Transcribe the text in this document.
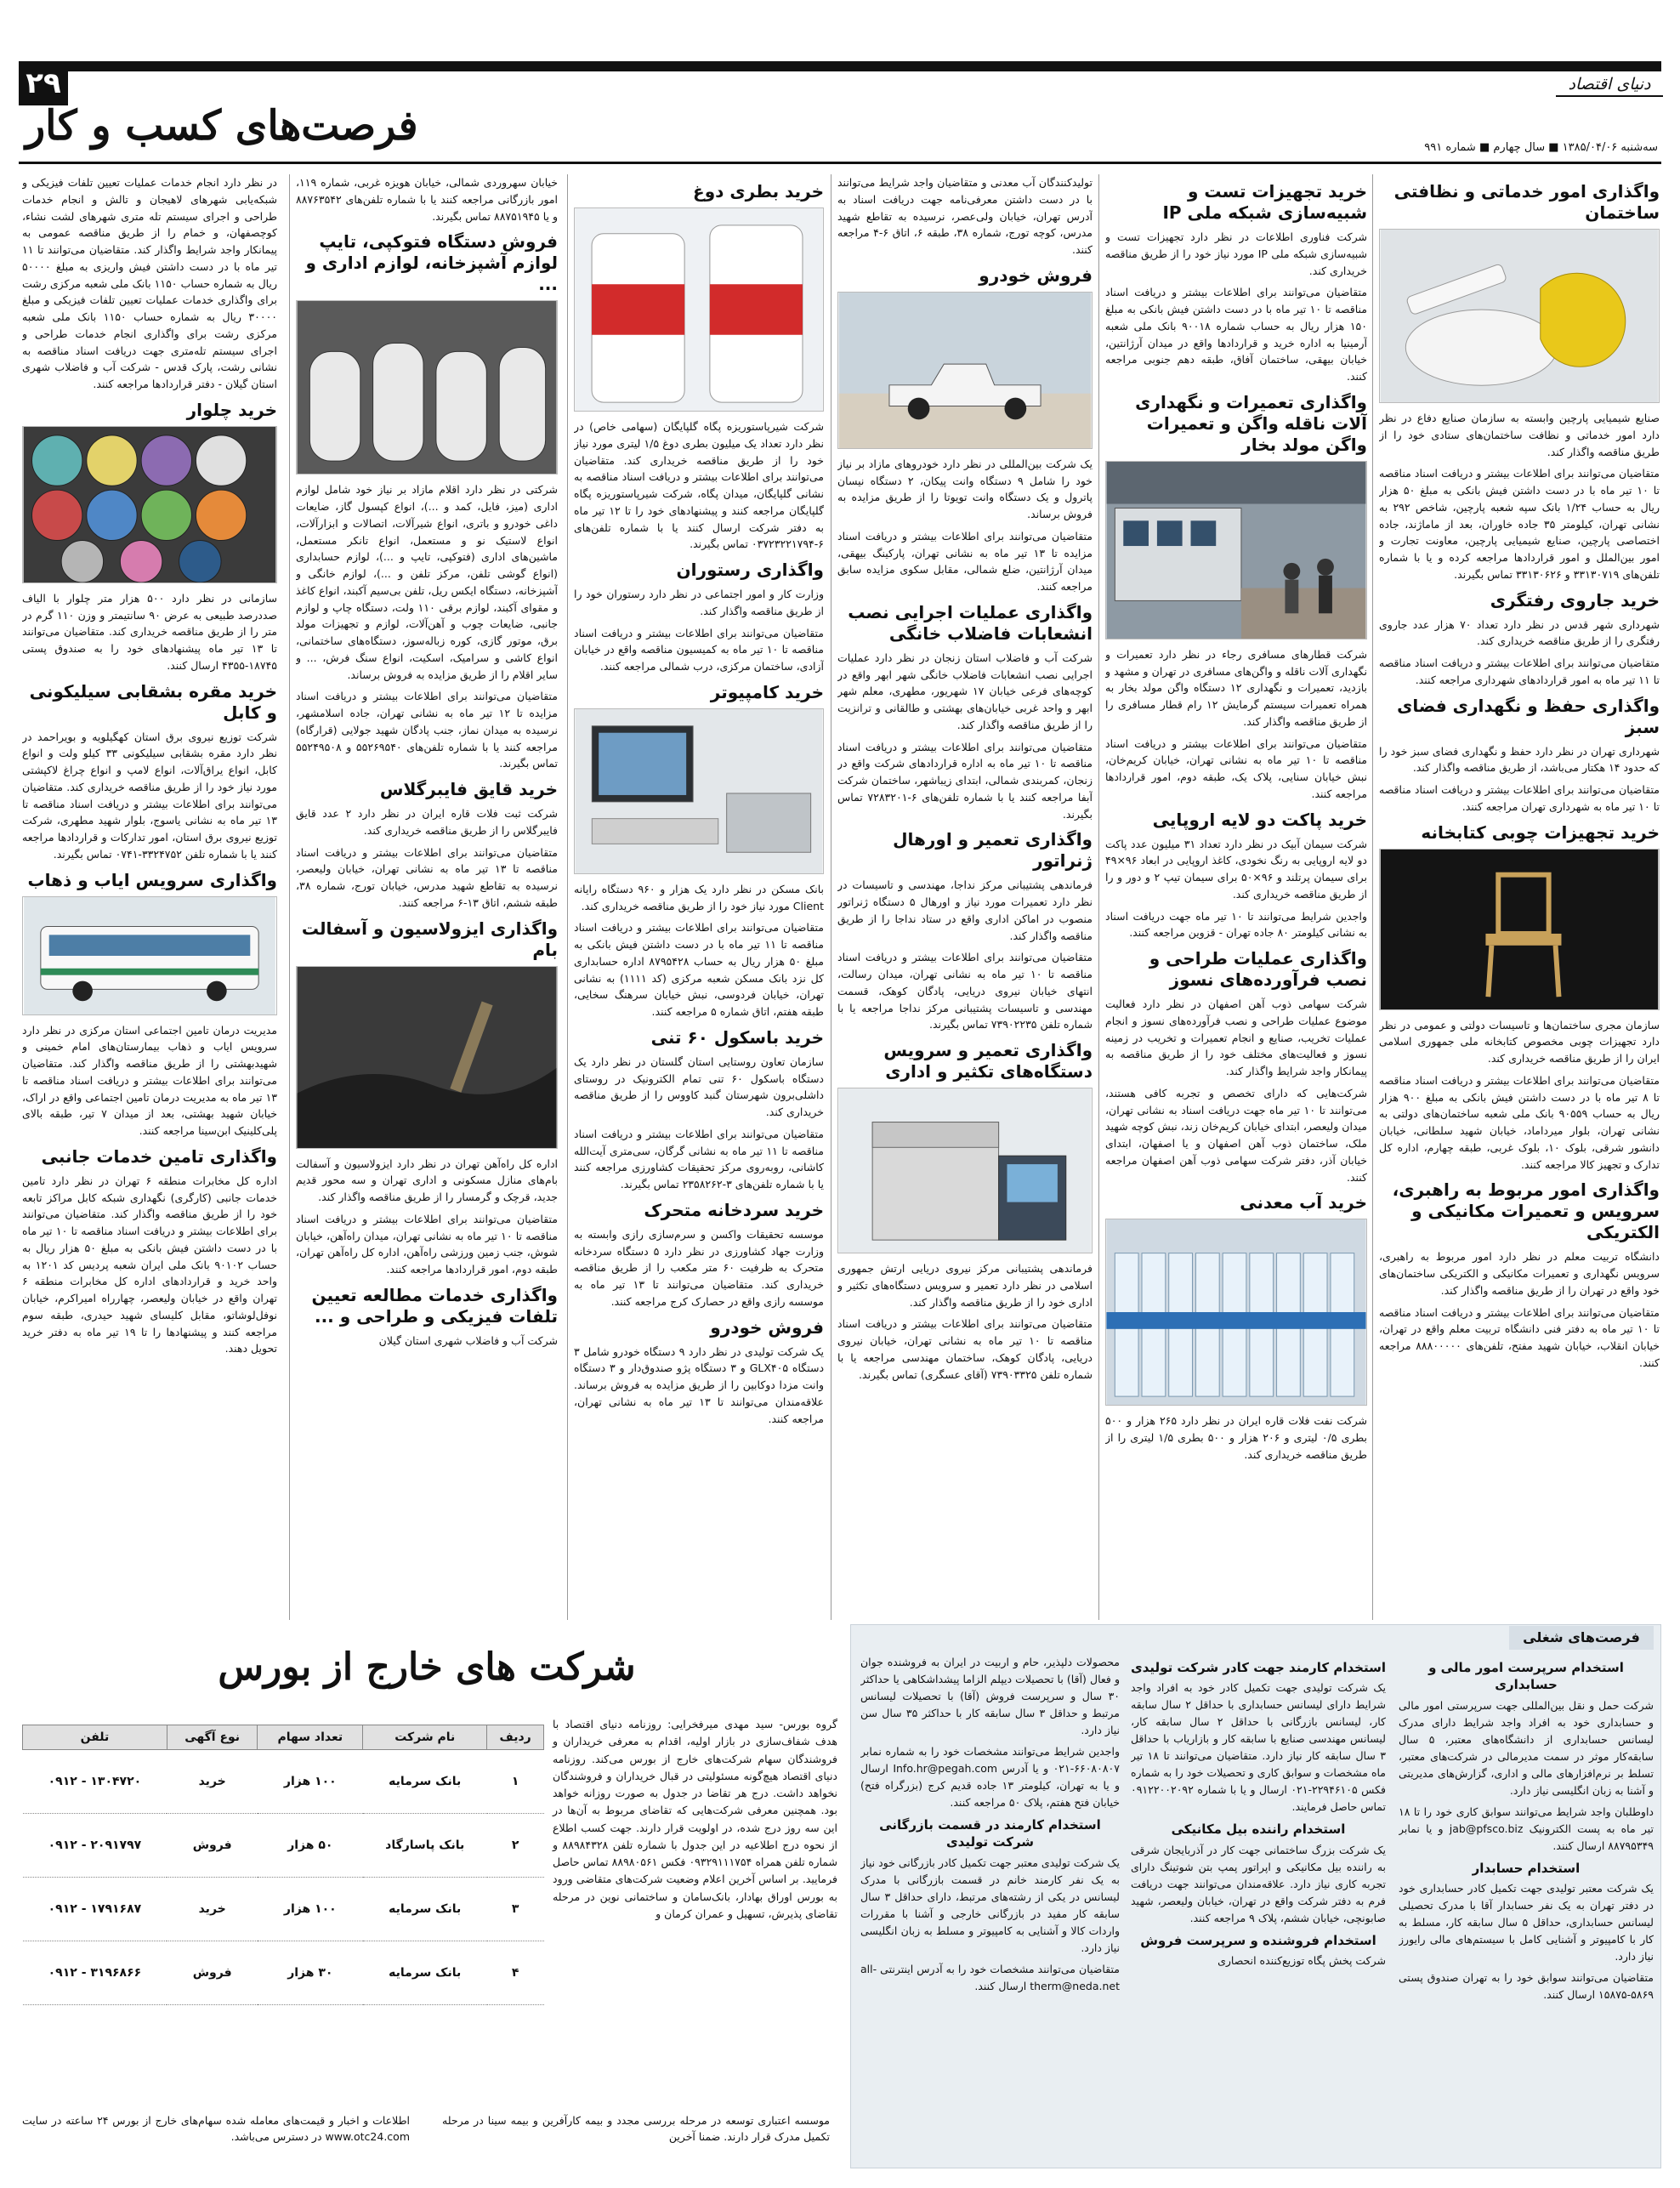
۲۹	دنیای اقتصاد
فرصت‌های کسب و کار	سه‌شنبه ۱۳۸۵/۰۴/۰۶ ■ سال چهارم ■ شماره ۹۹۱
واگذاری امور خدماتی و نظافتی ساختمان

صنایع شیمیایی پارچین وابسته به سازمان صنایع دفاع در نظر دارد امور خدماتی و نظافت ساختمان‌های ستادی خود را از طریق مناقصه واگذار کند.

متقاضیان می‌توانند برای اطلاعات بیشتر و دریافت اسناد مناقصه تا ۱۰ تیر ماه با در دست داشتن فیش بانکی به مبلغ ۵۰ هزار ریال به حساب ۱/۲۴ بانک سپه شعبه پارچین، شاخص ۲۹۲ به نشانی تهران، کیلومتر ۳۵ جاده خاوران، بعد از ماماژند، جاده اختصاصی پارچین، صنایع شیمیایی پارچین، معاونت تجارت و امور بین‌الملل و امور قراردادها مراجعه کرده و یا با شماره تلفن‌های ۳۳۱۳۰۷۱۹ و ۳۳۱۳۰۶۲۶ تماس بگیرند.

خرید جاروی رفتگری

شهرداری شهر قدس در نظر دارد تعداد ۷۰ هزار عدد جاروی رفتگری را از طریق مناقصه خریداری کند.

متقاضیان می‌توانند برای اطلاعات بیشتر و دریافت اسناد مناقصه تا ۱۱ تیر ماه به امور قراردادهای شهرداری مراجعه کنند.

واگذاری حفظ و نگهداری فضای سبز

شهرداری تهران در نظر دارد حفظ و نگهداری فضای سبز خود را که حدود ۱۴ هکتار می‌باشد، از طریق مناقصه واگذار کند.

متقاضیان می‌توانند برای اطلاعات بیشتر و دریافت اسناد مناقصه تا ۱۰ تیر ماه به شهرداری تهران مراجعه کنند.

خرید تجهیزات چوبی کتابخانه

سازمان مجری ساختمان‌ها و تاسیسات دولتی و عمومی در نظر دارد تجهیزات چوبی مخصوص کتابخانه ملی جمهوری اسلامی ایران را از طریق مناقصه خریداری کند.

متقاضیان می‌توانند برای اطلاعات بیشتر و دریافت اسناد مناقصه تا ۸ تیر ماه با در دست داشتن فیش بانکی به مبلغ ۹۰۰ هزار ریال به حساب ۹۰۵۵۹ بانک ملی شعبه ساختمان‌های دولتی به نشانی تهران، بلوار میرداماد، خیابان شهید سلطانی، خیابان دانشور شرقی، بلوک ۱۰، بلوک غربی، طبقه چهارم، اداره کل تدارک و تجهیز کالا مراجعه کنند.

واگذاری امور مربوط به راهبری، سرویس و تعمیرات مکانیکی و الکتریکی

دانشگاه تربیت معلم در نظر دارد امور مربوط به راهبری، سرویس نگهداری و تعمیرات مکانیکی و الکتریکی ساختمان‌های خود واقع در تهران را از طریق مناقصه واگذار کند.

متقاضیان می‌توانند برای اطلاعات بیشتر و دریافت اسناد مناقصه تا ۱۰ تیر ماه به دفتر فنی دانشگاه تربیت معلم واقع در تهران، خیابان انقلاب، خیابان شهید مفتح، تلفن‌های ۸۸۸۰۰۰۰۰ مراجعه کنند.

خرید تجهیزات تست و شبیه‌سازی شبکه ملی IP

شرکت فناوری اطلاعات در نظر دارد تجهیزات تست و شبیه‌سازی شبکه ملی IP مورد نیاز خود را از طریق مناقصه خریداری کند.

متقاضیان می‌توانند برای اطلاعات بیشتر و دریافت اسناد مناقصه تا ۱۰ تیر ماه با در دست داشتن فیش بانکی به مبلغ ۱۵۰ هزار ریال به حساب شماره ۹۰۰۱۸ بانک ملی شعبه آرمینیا به اداره خرید و قراردادها واقع در میدان آرژانتین، خیابان بیهقی، ساختمان آفاق، طبقه دهم جنوبی مراجعه کنند.

واگذاری تعمیرات و نگهداری آلات ناقله واگن و تعمیرات واگن مولد بخار

شرکت قطارهای مسافری رجاء در نظر دارد تعمیرات و نگهداری آلات ناقله و واگن‌های مسافری در تهران و مشهد و بازدید، تعمیرات و نگهداری ۱۲ دستگاه واگن مولد بخار به همراه تعمیرات سیستم گرمایش ۱۲ رام قطار مسافری را از طریق مناقصه واگذار کند.

متقاضیان می‌توانند برای اطلاعات بیشتر و دریافت اسناد مناقصه تا ۱۰ تیر ماه به نشانی تهران، خیابان کریم‌خان، نبش خیابان سنایی، پلاک یک، طبقه دوم، امور قراردادها مراجعه کنند.

خرید پاکت دو لایه اروپایی

شرکت سیمان آبیک در نظر دارد تعداد ۳۱ میلیون عدد پاکت دو لایه اروپایی به رنگ نخودی، کاغذ اروپایی در ابعاد ۹۶×۴۹ برای سیمان پرتلند و ۹۶×۵۰ برای سیمان تیپ ۲ و دور و را از طریق مناقصه خریداری کند.

واجدین شرایط می‌توانند تا ۱۰ تیر ماه جهت دریافت اسناد به نشانی کیلومتر ۸۰ جاده تهران - قزوین مراجعه کنند.

واگذاری عملیات طراحی و نصب فرآورده‌های نسوز

شرکت سهامی ذوب آهن اصفهان در نظر دارد فعالیت موضوع عملیات طراحی و نصب فرآورده‌های نسوز و انجام عملیات تخریب، صنایع و انجام تعمیرات و تخریب در زمینه نسوز و فعالیت‌های مختلف خود را از طریق مناقصه به پیمانکار واجد شرایط واگذار کند.

شرکت‌هایی که دارای تخصص و تجربه کافی هستند، می‌توانند تا ۱۰ تیر ماه جهت دریافت اسناد به نشانی تهران، میدان ولیعصر، ابتدای خیابان کریم‌خان زند، نبش کوچه شهید ملک، ساختمان ذوب آهن اصفهان و یا اصفهان، ابتدای خیابان آذر، دفتر شرکت سهامی ذوب آهن اصفهان مراجعه کنند.

خرید آب معدنی

شرکت نفت فلات قاره ایران در نظر دارد ۲۶۵ هزار و ۵۰۰ بطری ۰/۵ لیتری و ۲۰۶ هزار و ۵۰۰ بطری ۱/۵ لیتری را از طریق مناقصه خریداری کند.

تولیدکنندگان آب معدنی و متقاضیان واجد شرایط می‌توانند با در دست داشتن معرفی‌نامه جهت دریافت اسناد به آدرس تهران، خیابان ولی‌عصر، نرسیده به تقاطع شهید مدرس، کوچه تورج، شماره ۳۸، طبقه ۶، اتاق ۶-۴ مراجعه کنند.

فروش خودرو

یک شرکت بین‌المللی در نظر دارد خودروهای مازاد بر نیاز خود را شامل ۹ دستگاه وانت پیکان، ۲ دستگاه نیسان پاترول و یک دستگاه وانت تویوتا را از طریق مزایده به فروش برساند.

متقاضیان می‌توانند برای اطلاعات بیشتر و دریافت اسناد مزایده تا ۱۳ تیر ماه به نشانی تهران، پارکینگ بیهقی، میدان آرژانتین، ضلع شمالی، مقابل سکوی مزایده سابق مراجعه کنند.

واگذاری عملیات اجرایی نصب انشعابات فاضلاب خانگی

شرکت آب و فاضلاب استان زنجان در نظر دارد عملیات اجرایی نصب انشعابات فاضلاب خانگی شهر ابهر واقع در کوچه‌های فرعی خیابان ۱۷ شهریور، مطهری، معلم شهر ابهر و واحد غربی خیابان‌های بهشتی و طالقانی و ترانزیت را از طریق مناقصه واگذار کند.

متقاضیان می‌توانند برای اطلاعات بیشتر و دریافت اسناد مناقصه تا ۱۰ تیر ماه به اداره قراردادهای شرکت واقع در زنجان، کمربندی شمالی، ابتدای زیباشهر، ساختمان شرکت آبفا مراجعه کنند یا با شماره تلفن‌های ۶-۷۲۸۳۲۰۱ تماس بگیرند.

واگذاری تعمیر و اورهال ژنراتور

فرماندهی پشتیبانی مرکز نداجا، مهندسی و تاسیسات در نظر دارد تعمیرات مورد نیاز و اورهال ۵ دستگاه ژنراتور منصوب در اماکن اداری واقع در ستاد نداجا را از طریق مناقصه واگذار کند.

متقاضیان می‌توانند برای اطلاعات بیشتر و دریافت اسناد مناقصه تا ۱۰ تیر ماه به نشانی تهران، میدان رسالت، انتهای خیابان نیروی دریایی، پادگان کوهک، قسمت مهندسی و تاسیسات پشتیبانی مرکز نداجا مراجعه یا با شماره تلفن ۷۳۹۰۲۲۳۵ تماس بگیرند.

واگذاری تعمیر و سرویس دستگاه‌های تکثیر و اداری

فرماندهی پشتیبانی مرکز نیروی دریایی ارتش جمهوری اسلامی در نظر دارد تعمیر و سرویس دستگاه‌های تکثیر و اداری خود را از طریق مناقصه واگذار کند.

متقاضیان می‌توانند برای اطلاعات بیشتر و دریافت اسناد مناقصه تا ۱۰ تیر ماه به نشانی تهران، خیابان نیروی دریایی، پادگان کوهک، ساختمان مهندسی مراجعه یا با شماره تلفن ۷۳۹۰۳۳۲۵ (آقای عسگری) تماس بگیرند.

خرید بطری دوغ

شرکت شیرپاستوریزه پگاه گلپایگان (سهامی خاص) در نظر دارد تعداد یک میلیون بطری دوغ ۱/۵ لیتری مورد نیاز خود را از طریق مناقصه خریداری کند. متقاضیان می‌توانند برای اطلاعات بیشتر و دریافت اسناد مناقصه به نشانی گلپایگان، میدان پگاه، شرکت شیرپاستوریزه پگاه گلپایگان مراجعه کنند و پیشنهادهای خود را تا ۱۲ تیر ماه به دفتر شرکت ارسال کنند یا با شماره تلفن‌های ۶-۰۳۷۲۳۲۲۱۷۹۴ تماس بگیرند.

واگذاری رستوران

وزارت کار و امور اجتماعی در نظر دارد رستوران خود را از طریق مناقصه واگذار کند.

متقاضیان می‌توانند برای اطلاعات بیشتر و دریافت اسناد مناقصه تا ۱۰ تیر ماه به کمیسیون مناقصه واقع در خیابان آزادی، ساختمان مرکزی، درب شمالی مراجعه کنند.

خرید کامپیوتر

بانک مسکن در نظر دارد یک هزار و ۹۶۰ دستگاه رایانه Client مورد نیاز خود را از طریق مناقصه خریداری کند.

متقاضیان می‌توانند برای اطلاعات بیشتر و دریافت اسناد مناقصه تا ۱۱ تیر ماه با در دست داشتن فیش بانکی به مبلغ ۵۰ هزار ریال به حساب ۸۷۹۵۴۲۸ اداره حسابداری کل نزد بانک مسکن شعبه مرکزی (کد ۱۱۱۱) به نشانی تهران، خیابان فردوسی، نبش خیابان سرهنگ سخایی، طبقه هفتم، اتاق شماره ۵ مراجعه کنند.

خرید باسکول ۶۰ تنی

سازمان تعاون روستایی استان گلستان در نظر دارد یک دستگاه باسکول ۶۰ تنی تمام الکترونیک در روستای داشلی‌برون شهرستان گنبد کاووس را از طریق مناقصه خریداری کند.

متقاضیان می‌توانند برای اطلاعات بیشتر و دریافت اسناد مناقصه تا ۱۱ تیر ماه به نشانی گرگان، سی‌متری آیت‌الله کاشانی، روبه‌روی مرکز تحقیقات کشاورزی مراجعه کنند یا با شماره تلفن‌های ۳-۲۳۵۸۲۶۲ تماس بگیرند.

خرید سردخانه متحرک

موسسه تحقیقات واکسن و سرم‌سازی رازی وابسته به وزارت جهاد کشاورزی در نظر دارد ۵ دستگاه سردخانه متحرک به ظرفیت ۶۰ متر مکعب را از طریق مناقصه خریداری کند. متقاضیان می‌توانند تا ۱۳ تیر ماه به موسسه رازی واقع در حصارک کرج مراجعه کنند.

فروش خودرو

یک شرکت تولیدی در نظر دارد ۹ دستگاه خودرو شامل ۳ دستگاه GLX۴۰۵ و ۳ دستگاه پژو صندوق‌دار و ۳ دستگاه وانت مزدا دوکابین را از طریق مزایده به فروش برساند. علاقه‌مندان می‌توانند تا ۱۳ تیر ماه به نشانی تهران، مراجعه کنند.

خیابان سهروردی شمالی، خیابان هویزه غربی، شماره ۱۱۹، امور بازرگانی مراجعه کنند یا با شماره تلفن‌های ۸۸۷۶۳۵۴۲ و یا ۸۸۷۵۱۹۴۵ تماس بگیرند.

فروش دستگاه فتوکپی، تایپ لوازم آشپزخانه، لوازم اداری و ...

شرکتی در نظر دارد اقلام مازاد بر نیاز خود شامل لوازم اداری (میز، فایل، کمد و ...)، انواع کپسول گاز، ضایعات داغی خودرو و باتری، انواع شیرآلات، اتصالات و ابزارآلات، انواع لاستیک نو و مستعمل، انواع تانکر مستعمل، ماشین‌های اداری (فتوکپی، تایپ و ...)، لوازم حسابداری (انواع گوشی تلفن، مرکز تلفن و ...)، لوازم خانگی و آشپزخانه، دستگاه ایکس ریل، تلفن بی‌سیم آکبند، انواع کاغذ و مقوای آکبند، لوازم برقی ۱۱۰ ولت، دستگاه چاپ و لوازم جانبی، ضایعات چوب و آهن‌آلات، لوازم و تجهیزات مولد برق، موتور گازی، کوره زباله‌سوز، دستگاه‌های ساختمانی، انواع کاشی و سرامیک، اسکیت، انواع سنگ فرش، ... و سایر اقلام را از طریق مزایده به فروش برساند.

متقاضیان می‌توانند برای اطلاعات بیشتر و دریافت اسناد مزایده تا ۱۲ تیر ماه به نشانی تهران، جاده اسلامشهر، نرسیده به میدان نماز، جنب پادگان شهید جولایی (قرارگاه) مراجعه کنند یا با شماره تلفن‌های ۵۵۲۶۹۵۴۰ و ۵۵۲۴۹۵۰۸ تماس بگیرند.

خرید قایق فایبرگلاس

شرکت ثبت فلات قاره ایران در نظر دارد ۲ عدد قایق فایبرگلاس را از طریق مناقصه خریداری کند.

متقاضیان می‌توانند برای اطلاعات بیشتر و دریافت اسناد مناقصه تا ۱۳ تیر ماه به نشانی تهران، خیابان ولیعصر، نرسیده به تقاطع شهید مدرس، خیابان تورج، شماره ۳۸، طبقه ششم، اتاق ۱۳-۶ مراجعه کنند.

واگذاری ایزولاسیون و آسفالت بام

اداره کل راه‌آهن تهران در نظر دارد ایزولاسیون و آسفالت بام‌های منازل مسکونی و اداری تهران و سه محور قدیم جدید، قرچک و گرمسار را از طریق مناقصه واگذار کند.

متقاضیان می‌توانند برای اطلاعات بیشتر و دریافت اسناد مناقصه تا ۱۰ تیر ماه به نشانی تهران، میدان راه‌آهن، خیابان شوش، جنب زمین ورزشی راه‌آهن، اداره کل راه‌آهن تهران، طبقه دوم، امور قراردادها مراجعه کنند.

واگذاری خدمات مطالعه تعیین تلفات فیزیکی و طراحی و ...

شرکت آب و فاضلاب شهری استان گیلان

در نظر دارد انجام خدمات عملیات تعیین تلفات فیزیکی و شبکه‌یابی شهرهای لاهیجان و تالش و انجام خدمات طراحی و اجرای سیستم تله متری شهرهای لشت نشاء، کوچصفهان، و خمام را از طریق مناقصه عمومی به پیمانکار واجد شرایط واگذار کند. متقاضیان می‌توانند تا ۱۱ تیر ماه با در دست داشتن فیش واریزی به مبلغ ۵۰۰۰۰ ریال به شماره حساب ۱۱۵۰ بانک ملی شعبه مرکزی رشت برای واگذاری خدمات عملیات تعیین تلفات فیزیکی و مبلغ ۳۰۰۰۰ ریال به شماره حساب ۱۱۵۰ بانک ملی شعبه مرکزی رشت برای واگذاری انجام خدمات طراحی و اجرای سیستم تله‌متری جهت دریافت اسناد مناقصه به نشانی رشت، پارک قدس - شرکت آب و فاضلاب شهری استان گیلان - دفتر قراردادها مراجعه کنند.

خرید چلوار

سازمانی در نظر دارد ۵۰۰ هزار متر چلوار با الیاف صددرصد طبیعی به عرض ۹۰ سانتیمتر و وزن ۱۱۰ گرم در متر را از طریق مناقصه خریداری کند. متقاضیان می‌توانند تا ۱۳ تیر ماه پیشنهادهای خود را به صندوق پستی ۱۸۷۴۵-۴۳۵۵ ارسال کنند.

خرید مقره بشقابی سیلیکونی و کابل

شرکت توزیع نیروی برق استان کهگیلویه و بویراحمد در نظر دارد مقره بشقابی سیلیکونی ۳۳ کیلو ولت و انواع کابل، انواع یراق‌آلات، انواع لامپ و انواع چراغ لاکپشتی مورد نیاز خود را از طریق مناقصه خریداری کند. متقاضیان می‌توانند برای اطلاعات بیشتر و دریافت اسناد مناقصه تا ۱۳ تیر ماه به نشانی یاسوج، بلوار شهید مطهری، شرکت توزیع نیروی برق استان، امور تدارکات و قراردادها مراجعه کنند یا با شماره تلفن ۳۳۲۴۷۵۲-۰۷۴۱ تماس بگیرند.

واگذاری سرویس ایاب و ذهاب

مدیریت درمان تامین اجتماعی استان مرکزی در نظر دارد سرویس ایاب و ذهاب بیمارستان‌های امام خمینی و شهیدبهشتی را از طریق مناقصه واگذار کند. متقاضیان می‌توانند برای اطلاعات بیشتر و دریافت اسناد مناقصه تا ۱۳ تیر ماه به مدیریت درمان تامین اجتماعی واقع در اراک، خیابان شهید بهشتی، بعد از میدان ۷ تیر، طبقه بالای پلی‌کلینیک ابن‌سینا مراجعه کنند.

واگذاری تامین خدمات جانبی

اداره کل مخابرات منطقه ۶ تهران در نظر دارد تامین خدمات جانبی (کارگری) نگهداری شبکه کابل مراکز تابعه خود را از طریق مناقصه واگذار کند. متقاضیان می‌توانند برای اطلاعات بیشتر و دریافت اسناد مناقصه تا ۱۰ تیر ماه با در دست داشتن فیش بانکی به مبلغ ۵۰ هزار ریال به حساب ۹۰۱۰۲ بانک ملی ایران شعبه پردیس کد ۱۲۰۱ به واحد خرید و قراردادهای اداره کل مخابرات منطقه ۶ تهران واقع در خیابان ولیعصر، چهارراه امیراکرم، خیابان نوفل‌لوشاتو، مقابل کلیسای شهید حیدری، طبقه سوم مراجعه کنند و پیشنهادها را تا ۱۹ تیر ماه به دفتر خرید تحویل دهند.

فرصت‌های شغلی
استخدام سرپرست امور مالی و حسابداری

شرکت حمل و نقل بین‌المللی جهت سرپرستی امور مالی و حسابداری خود به افراد واجد شرایط دارای مدرک لیسانس حسابداری از دانشگاه‌های معتبر، ۵ سال سابقه‌کار موثر در سمت مدیرمالی در شرکت‌های معتبر، تسلط بر نرم‌افزارهای مالی و اداری، گزارش‌های مدیریتی و آشنا به زبان انگلیسی نیاز دارد.

داوطلبان واجد شرایط می‌توانند سوابق کاری خود را تا ۱۸ تیر ماه به پست الکترونیک jab@pfsco.biz و یا نمابر ۸۸۷۹۵۳۴۹ ارسال کنند.

استخدام حسابدار

یک شرکت معتبر تولیدی جهت تکمیل کادر حسابداری خود در دفتر تهران به یک نفر حسابدار آقا با مدرک تحصیلی لیسانس حسابداری، حداقل ۵ سال سابقه کار، مسلط به کار با کامپیوتر و آشنایی کامل با سیستم‌های مالی رایورز نیاز دارد.

متقاضیان می‌توانند سوابق خود را به تهران صندوق پستی ۵۸۶۹-۱۵۸۷۵ ارسال کنند.

استخدام کارمند جهت کادر شرکت تولیدی

یک شرکت تولیدی جهت تکمیل کادر خود به افراد واجد شرایط دارای لیسانس حسابداری با حداقل ۲ سال سابقه کار، لیسانس بازرگانی با حداقل ۲ سال سابقه کار، لیسانس مهندسی صنایع با سابقه کار و بازاریاب با حداقل ۳ سال سابقه کار نیاز دارد. متقاضیان می‌توانند تا ۱۸ تیر ماه مشخصات و سوابق کاری و تحصیلات خود را به شماره فکس ۲۲۹۴۶۱۰۵-۰۲۱ ارسال و یا با شماره ۰۹۱۲۲۰۰۲۰۹۲ تماس حاصل فرمایند.

استخدام راننده بیل مکانیکی

یک شرکت بزرگ ساختمانی جهت کار در آذربایجان شرقی به راننده بیل مکانیکی و اپراتور پمپ بتن شوتینگ دارای تجربه کاری نیاز دارد. علاقه‌مندان می‌توانند جهت دریافت فرم به دفتر شرکت واقع در تهران، خیابان ولیعصر، شهید صابونچی، خیابان ششم، پلاک ۹ مراجعه کنند.

استخدام فروشنده و سرپرست فروش

شرکت پخش پگاه توزیع‌کننده انحصاری

محصولات دلپذیر، حام و اربیت در ایران به فروشنده جوان و فعال (آقا) با تحصیلات دیپلم الزاما پیشداشکاهی یا حداکثر ۳۰ سال و سرپرست فروش (آقا) با تحصیلات لیسانس مرتبط و حداقل ۳ سال سابقه کار با حداکثر ۳۵ سال سن نیاز دارد.

واجدین شرایط می‌توانند مشخصات خود را به شماره نمابر ۶۶۰۸۰۸۰۷-۰۲۱ و یا آدرس Info.hr@pegah.com ارسال و یا به تهران، کیلومتر ۱۳ جاده قدیم کرج (بزرگراه فتح) خیابان فتح هفتم، پلاک ۵۰ مراجعه کنند.

استخدام کارمند در قسمت بازرگانی شرکت تولیدی

یک شرکت تولیدی معتبر جهت تکمیل کادر بازرگانی خود نیاز به یک نفر کارمند خانم در قسمت بازرگانی با مدرک لیسانس در یکی از رشته‌های مرتبط، دارای حداقل ۳ سال سابقه کار مفید در بازرگانی خارجی و آشنا با مقررات واردات کالا و آشنایی به کامپیوتر و مسلط به زبان انگلیسی نیاز دارد.

متقاضیان می‌توانند مشخصات خود را به آدرس اینترنتی all-therm@neda.net ارسال کنند.

شرکت های خارج از بورس
گروه بورس- سید مهدی میرفخرایی: روزنامه دنیای اقتصاد با هدف شفاف‌سازی در بازار اولیه، اقدام به معرفی خریداران و فروشندگان سهام شرکت‌های خارج از بورس می‌کند. روزنامه دنیای اقتصاد هیچ‌گونه مسئولیتی در قبال خریداران و فروشندگان نخواهد داشت. درج هر تقاضا در جدول به صورت روزانه خواهد بود. همچنین معرفی شرکت‌هایی که تقاضای مربوط به آن‌ها در این سه روز درج شده، در اولویت قرار دارند. جهت کسب اطلاع از نحوه درج اطلاعیه در این جدول با شماره تلفن ۸۸۹۸۴۳۲۸ و شماره تلفن همراه ۰۹۳۲۹۱۱۱۷۵۴ فکس ۸۸۹۸۰۵۶۱ تماس حاصل فرمایید. بر اساس آخرین اعلام وضعیت شرکت‌های متقاضی ورود به بورس اوراق بهادار، بانک‌سامان و ساختمانی نوین در مرحله تقاضای پذیرش، تسهیل و عمران کرمان و
ردیف	نام شرکت	تعداد سهام	نوع آگهی	تلفن
۱	بانک سرمایه	۱۰۰ هزار	خرید	۰۹۱۲ - ۱۳۰۴۷۲۰
۲	بانک پاسارگاد	۵۰ هزار	فروش	۰۹۱۲ - ۲۰۹۱۷۹۷
۳	بانک سرمایه	۱۰۰ هزار	خرید	۰۹۱۲ - ۱۷۹۱۶۸۷
۴	بانک سرمایه	۳۰ هزار	فروش	۰۹۱۲ - ۳۱۹۶۸۶۶
موسسه اعتباری توسعه در مرحله بررسی مجدد و بیمه کارآفرین و بیمه سینا در مرحله تکمیل مدرک قرار دارند. ضمنا آخرین
اطلاعات و اخبار و قیمت‌های معامله شده سهام‌های خارج از بورس ۲۴ ساعته در سایت www.otc24.com در دسترس می‌باشد.
